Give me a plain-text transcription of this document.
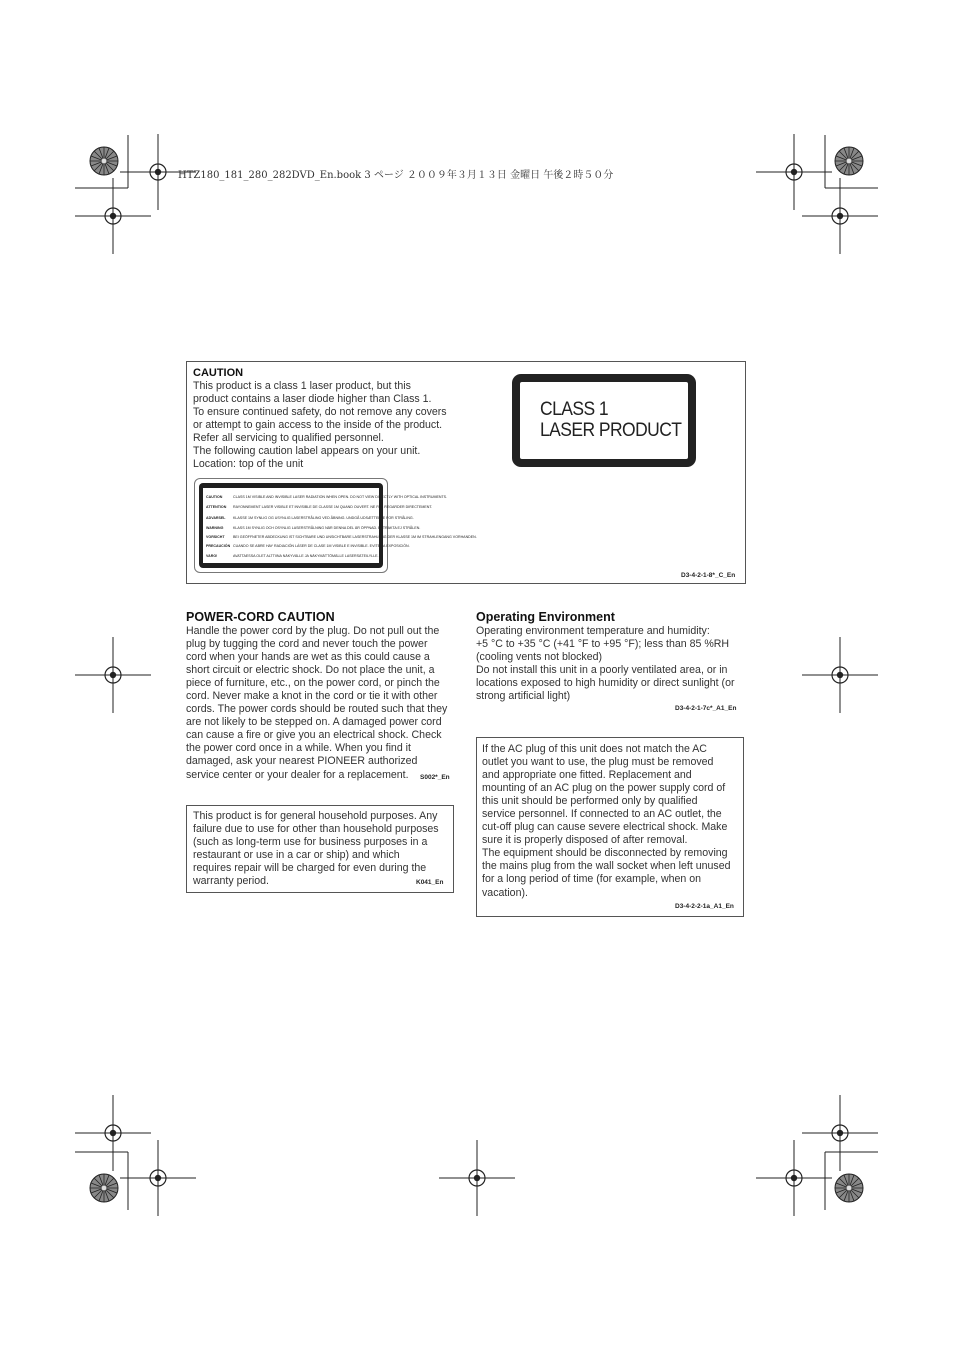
HTZ180_181_280_282DVD_En.book 3 ページ ２００９年３月１３日 金曜日 午後２時５０分
CAUTION
This product is a class 1 laser product, but this
product contains a laser diode higher than Class 1.
To ensure continued safety, do not remove any covers
or attempt to gain access to the inside of the product.
Refer all servicing to qualified personnel.
The following caution label appears on your unit.
Location: top of the unit
CLASS 1
LASER PRODUCT
CAUTION	CLASS 1M VISIBLE AND INVISIBLE LASER RADIATION WHEN OPEN. DO NOT VIEW DIRECTLY WITH OPTICAL INSTRUMENTS.
ATTENTION RAYONNEMENT LASER VISIBLE ET INVISIBLE DE CLASSE 1M QUAND OUVERT. NE PAS REGARDER DIRECTEMENT.
ADVARSEL KLASSE 1M SYNLIG OG USYNLIG LASERSTRÅLING VED ÅBNING. UNDGÅ UDSÆTTELSE FOR STRÅLING.
WARNING	KLASS 1M SYNLIG OCH OSYNLIG LASERSTRÅLNING NÄR DENNA DEL ÄR ÖPPNAD. BETRAKTA EJ STRÅLEN.
VORSICHT BEI GEÖFFNETER ABDECKUNG IST SICHTBARE UND UNSICHTBARE LASERSTRAHLUNG DER KLASSE 1M IM STRAHLENGANG VORHANDEN.
PRECAUCIÓN CUANDO SE ABRE HAY RADIACIÓN LÁSER DE CLASE 1M VISIBLE E INVISIBLE. EVITE LA EXPOSICIÓN.
VARO!	AVATTAESSA OLET ALTTIINA NÄKYVÄLLE JA NÄKYMÄTTÖMÄLLE LASERSÄTEILYLLE.
D3-4-2-1-8*_C_En
POWER-CORD CAUTION
Handle the power cord by the plug. Do not pull out the
plug by tugging the cord and never touch the power
cord when your hands are wet as this could cause a
short circuit or electric shock. Do not place the unit, a
piece of furniture, etc., on the power cord, or pinch the
cord. Never make a knot in the cord or tie it with other
cords. The power cords should be routed such that they
are not likely to be stepped on. A damaged power cord
can cause a fire or give you an electrical shock. Check
the power cord once in a while. When you find it
damaged, ask your nearest PIONEER authorized
service center or your dealer for a replacement.	S002*_En
This product is for general household purposes. Any
failure due to use for other than household purposes
(such as long-term use for business purposes in a
restaurant or use in a car or ship) and which
requires repair will be charged for even during the
warranty period.	K041_En
Operating Environment
Operating environment temperature and humidity:
+5 °C to +35 °C (+41 °F to +95 °F); less than 85 %RH
(cooling vents not blocked)
Do not install this unit in a poorly ventilated area, or in
locations exposed to high humidity or direct sunlight (or
strong artificial light)
D3-4-2-1-7c*_A1_En
If the AC plug of this unit does not match the AC
outlet you want to use, the plug must be removed
and appropriate one fitted. Replacement and
mounting of an AC plug on the power supply cord of
this unit should be performed only by qualified
service personnel. If connected to an AC outlet, the
cut-off plug can cause severe electrical shock. Make
sure it is properly disposed of after removal.
The equipment should be disconnected by removing
the mains plug from the wall socket when left unused
for a long period of time (for example, when on
vacation).
D3-4-2-2-1a_A1_En
